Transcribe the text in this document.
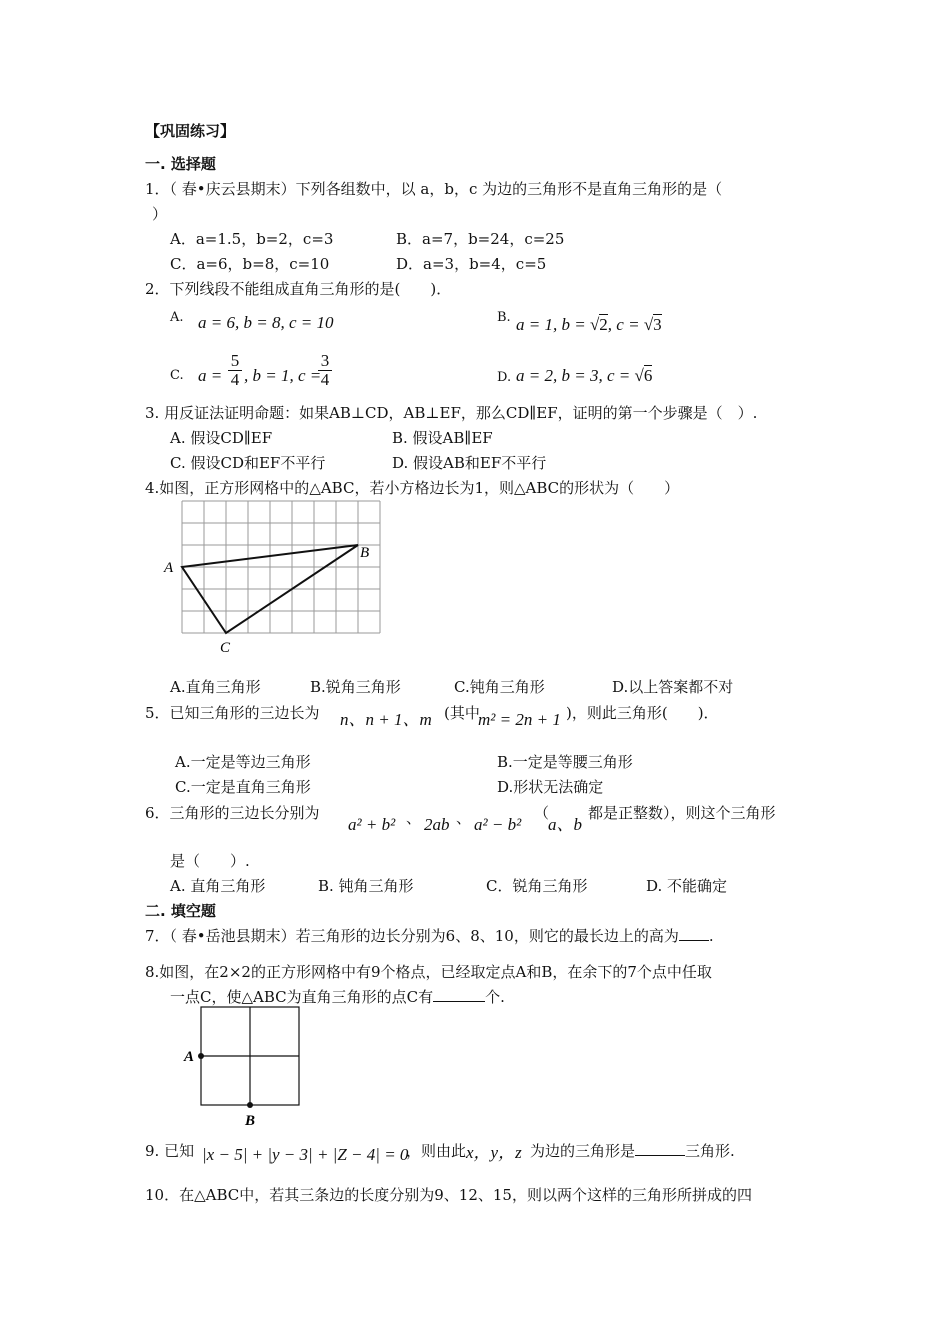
【巩固练习】
一. 选择题
1．（ 春•庆云县期末）下列各组数中，以 a，b，c 为边的三角形不是直角三角形的是（
）
A．a=1.5，b=2，c=3	B．a=7，b=24，c=25
C．a=6，b=8，c=10	D．a=3，b=4，c=5
2．下列线段不能组成直角三角形的是(　　)．
A. a = 6, b = 8, c = 10	B. a = 1, b = √2, c = √3
C. a =
5
4 , b = 1, c =
3
4	D. a = 2, b = 3, c = √6
3. 用反证法证明命题：如果AB⊥CD，AB⊥EF，那么CD∥EF，证明的第一个步骤是（　）.
A. 假设CD∥EF	B. 假设AB∥EF
C. 假设CD和EF不平行	D. 假设AB和EF不平行
4.如图，正方形网格中的△ABC，若小方格边长为1，则△ABC的形状为（　　）
A
B
C
A.直角三角形	B.锐角三角形	C.钝角三角形	D.以上答案都不对
5．已知三角形的三边长为 n、n + 1、m (其中
m² = 2n + 1 )，则此三角形(　　)．
A.一定是等边三角形	B.一定是等腰三角形
C.一定是直角三角形	D.形状无法确定
6．三角形的三边长分别为
a² + b² 、 2ab 、 a² − b²
（
a、b
都是正整数），则这个三角形
是（　　）.
A. 直角三角形	B. 钝角三角形	C．锐角三角形	D. 不能确定
二. 填空题
7．（ 春•岳池县期末）若三角形的边长分别为6、8、10，则它的最长边上的高为 .
8.如图，在2×2的正方形网格中有9个格点，已经取定点A和B，在余下的7个点中任取
一点C，使△ABC为直角三角形的点C有	个.
A
B
9. 已知 |x − 5| + |y − 3| + |Z − 4| = 0
，则由此 x，y，z 为边的三角形是	三角形.
10．在△ABC中，若其三条边的长度分别为9、12、15，则以两个这样的三角形所拼成的四
